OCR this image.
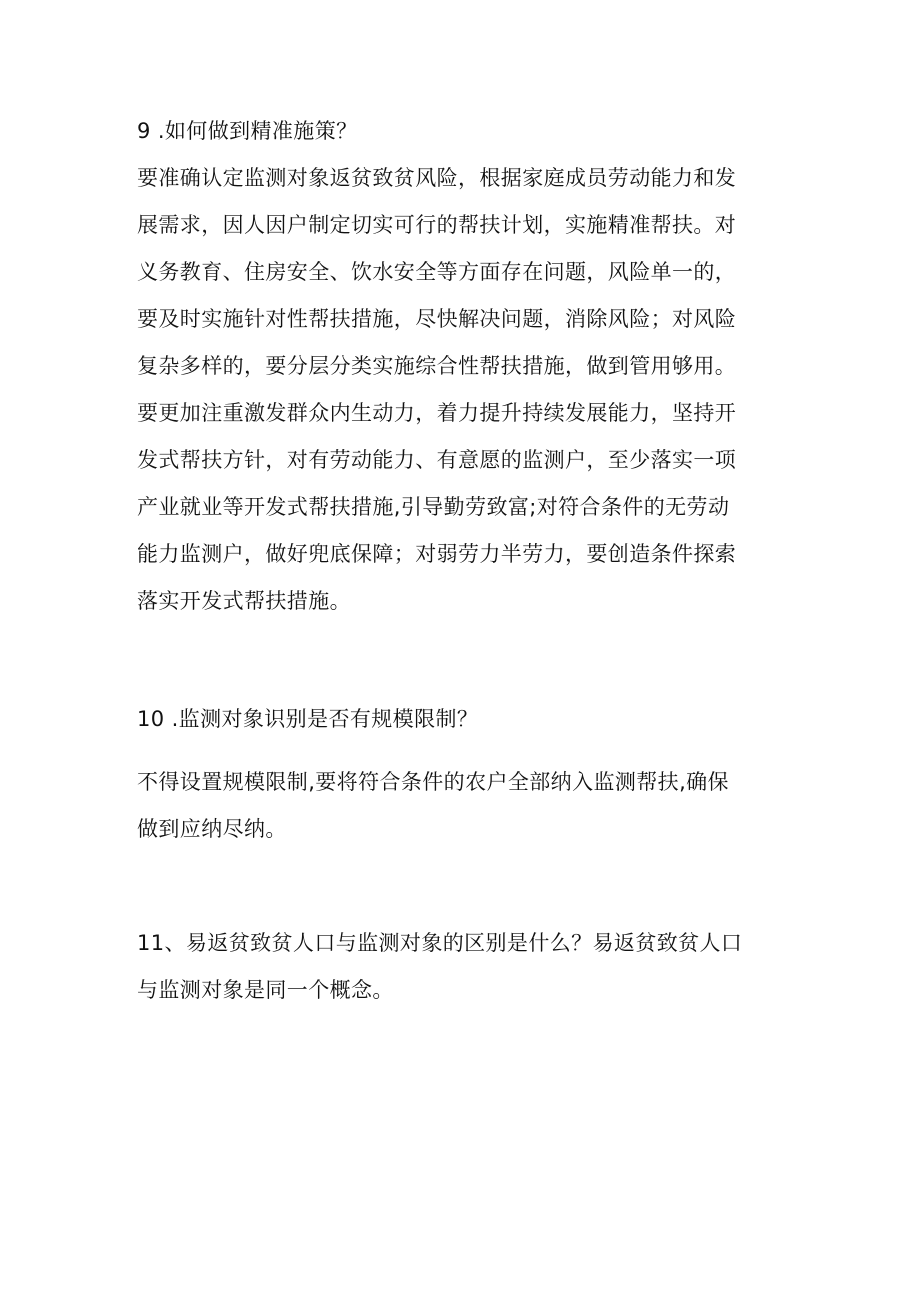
9 .如何做到精准施策？
要准确认定监测对象返贫致贫风险，根据家庭成员劳动能力和发
展需求，因人因户制定切实可行的帮扶计划，实施精准帮扶。对
义务教育、住房安全、饮水安全等方面存在问题，风险单一的，
要及时实施针对性帮扶措施，尽快解决问题，消除风险；对风险
复杂多样的，要分层分类实施综合性帮扶措施，做到管用够用。
要更加注重激发群众内生动力，着力提升持续发展能力，坚持开
发式帮扶方针，对有劳动能力、有意愿的监测户，至少落实一项
产业就业等开发式帮扶措施,引导勤劳致富;对符合条件的无劳动
能力监测户，做好兜底保障；对弱劳力半劳力，要创造条件探索
落实开发式帮扶措施。
10 .监测对象识别是否有规模限制？
不得设置规模限制,要将符合条件的农户全部纳入监测帮扶,确保
做到应纳尽纳。
11、易返贫致贫人口与监测对象的区别是什么？易返贫致贫人口
与监测对象是同一个概念。
